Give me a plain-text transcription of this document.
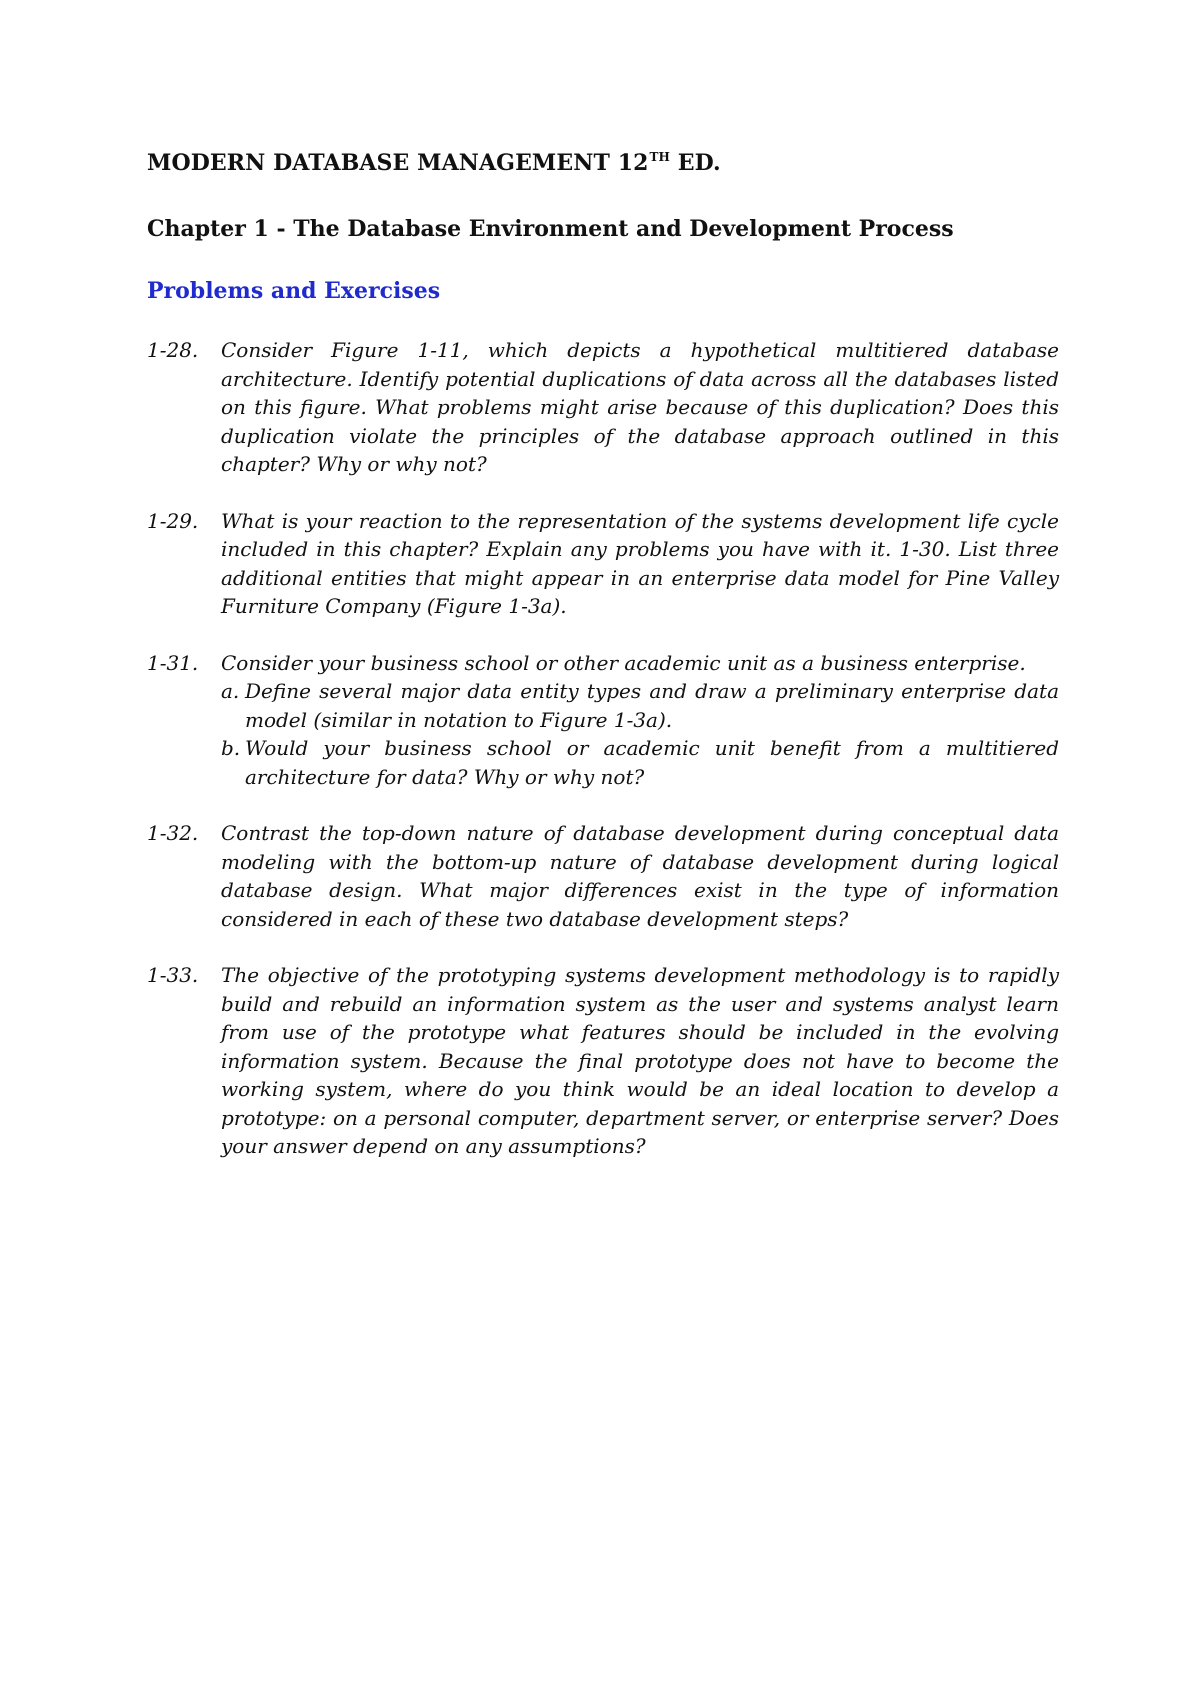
MODERN DATABASE MANAGEMENT 12TH ED.
Chapter 1 - The Database Environment and Development Process
Problems and Exercises
1-28. Consider Figure 1-11, which depicts a hypothetical multitiered database architecture. Identify potential duplications of data across all the databases listed on this figure. What problems might arise because of this duplication? Does this duplication violate the principles of the database approach outlined in this chapter? Why or why not?
1-29. What is your reaction to the representation of the systems development life cycle included in this chapter? Explain any problems you have with it. 1-30. List three additional entities that might appear in an enterprise data model for Pine Valley Furniture Company (Figure 1-3a).
1-31. Consider your business school or other academic unit as a business enterprise.
a. Define several major data entity types and draw a preliminary enterprise data model (similar in notation to Figure 1-3a).
b. Would your business school or academic unit benefit from a multitiered architecture for data? Why or why not?
1-32. Contrast the top-down nature of database development during conceptual data modeling with the bottom-up nature of database development during logical database design. What major differences exist in the type of information considered in each of these two database development steps?
1-33. The objective of the prototyping systems development methodology is to rapidly build and rebuild an information system as the user and systems analyst learn from use of the prototype what features should be included in the evolving information system. Because the final prototype does not have to become the working system, where do you think would be an ideal location to develop a prototype: on a personal computer, department server, or enterprise server? Does your answer depend on any assumptions?
